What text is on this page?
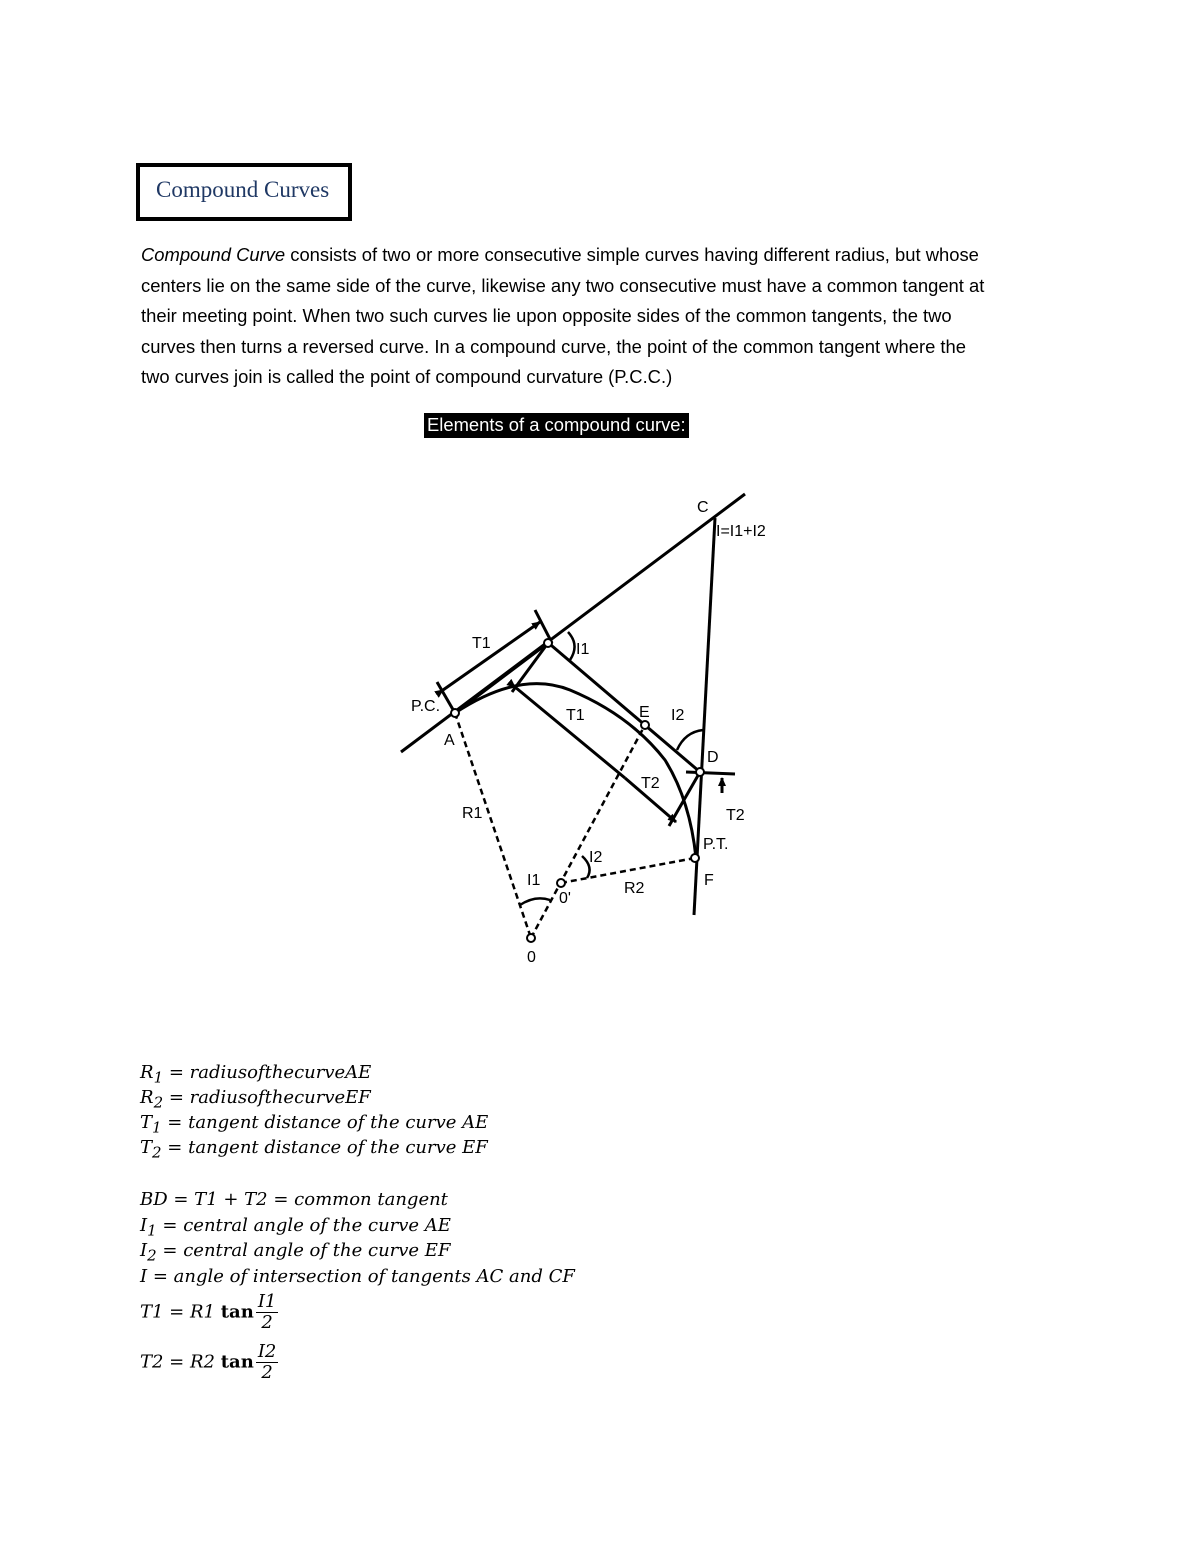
Compound Curves

Compound Curve consists of two or more consecutive simple curves having different radius, but whose

centers lie on the same side of the curve, likewise any two consecutive must have a common tangent at

their meeting point. When two such curves lie upon opposite sides of the common tangents, the two

curves then turns a reversed curve. In a compound curve, the point of the common tangent where the

two curves join is called the point of compound curvature (P.C.C.)

Elements of a compound curve:
C
I=I1+I2
T1	I1
P.C.
A
T1	E I2
D
T2
T2
R1
I2
P.T.
F
I1
0'
R2
0
$R_1$ = radiusofthecurveAE
$R_2$ = radiusofthecurveEF
$T_1$ = tangent distance of the curve AE
$T_2$ = tangent distance of the curve EF
BD = T1 + T2 = common tangent
$I_1$ = central angle of the curve AE
$I_2$ = central angle of the curve EF
I = angle of intersection of tangents AC and CF
T1 = R1 $\tan \frac{I1}{2}$
T2 = R2 $\tan \frac{I2}{2}$
